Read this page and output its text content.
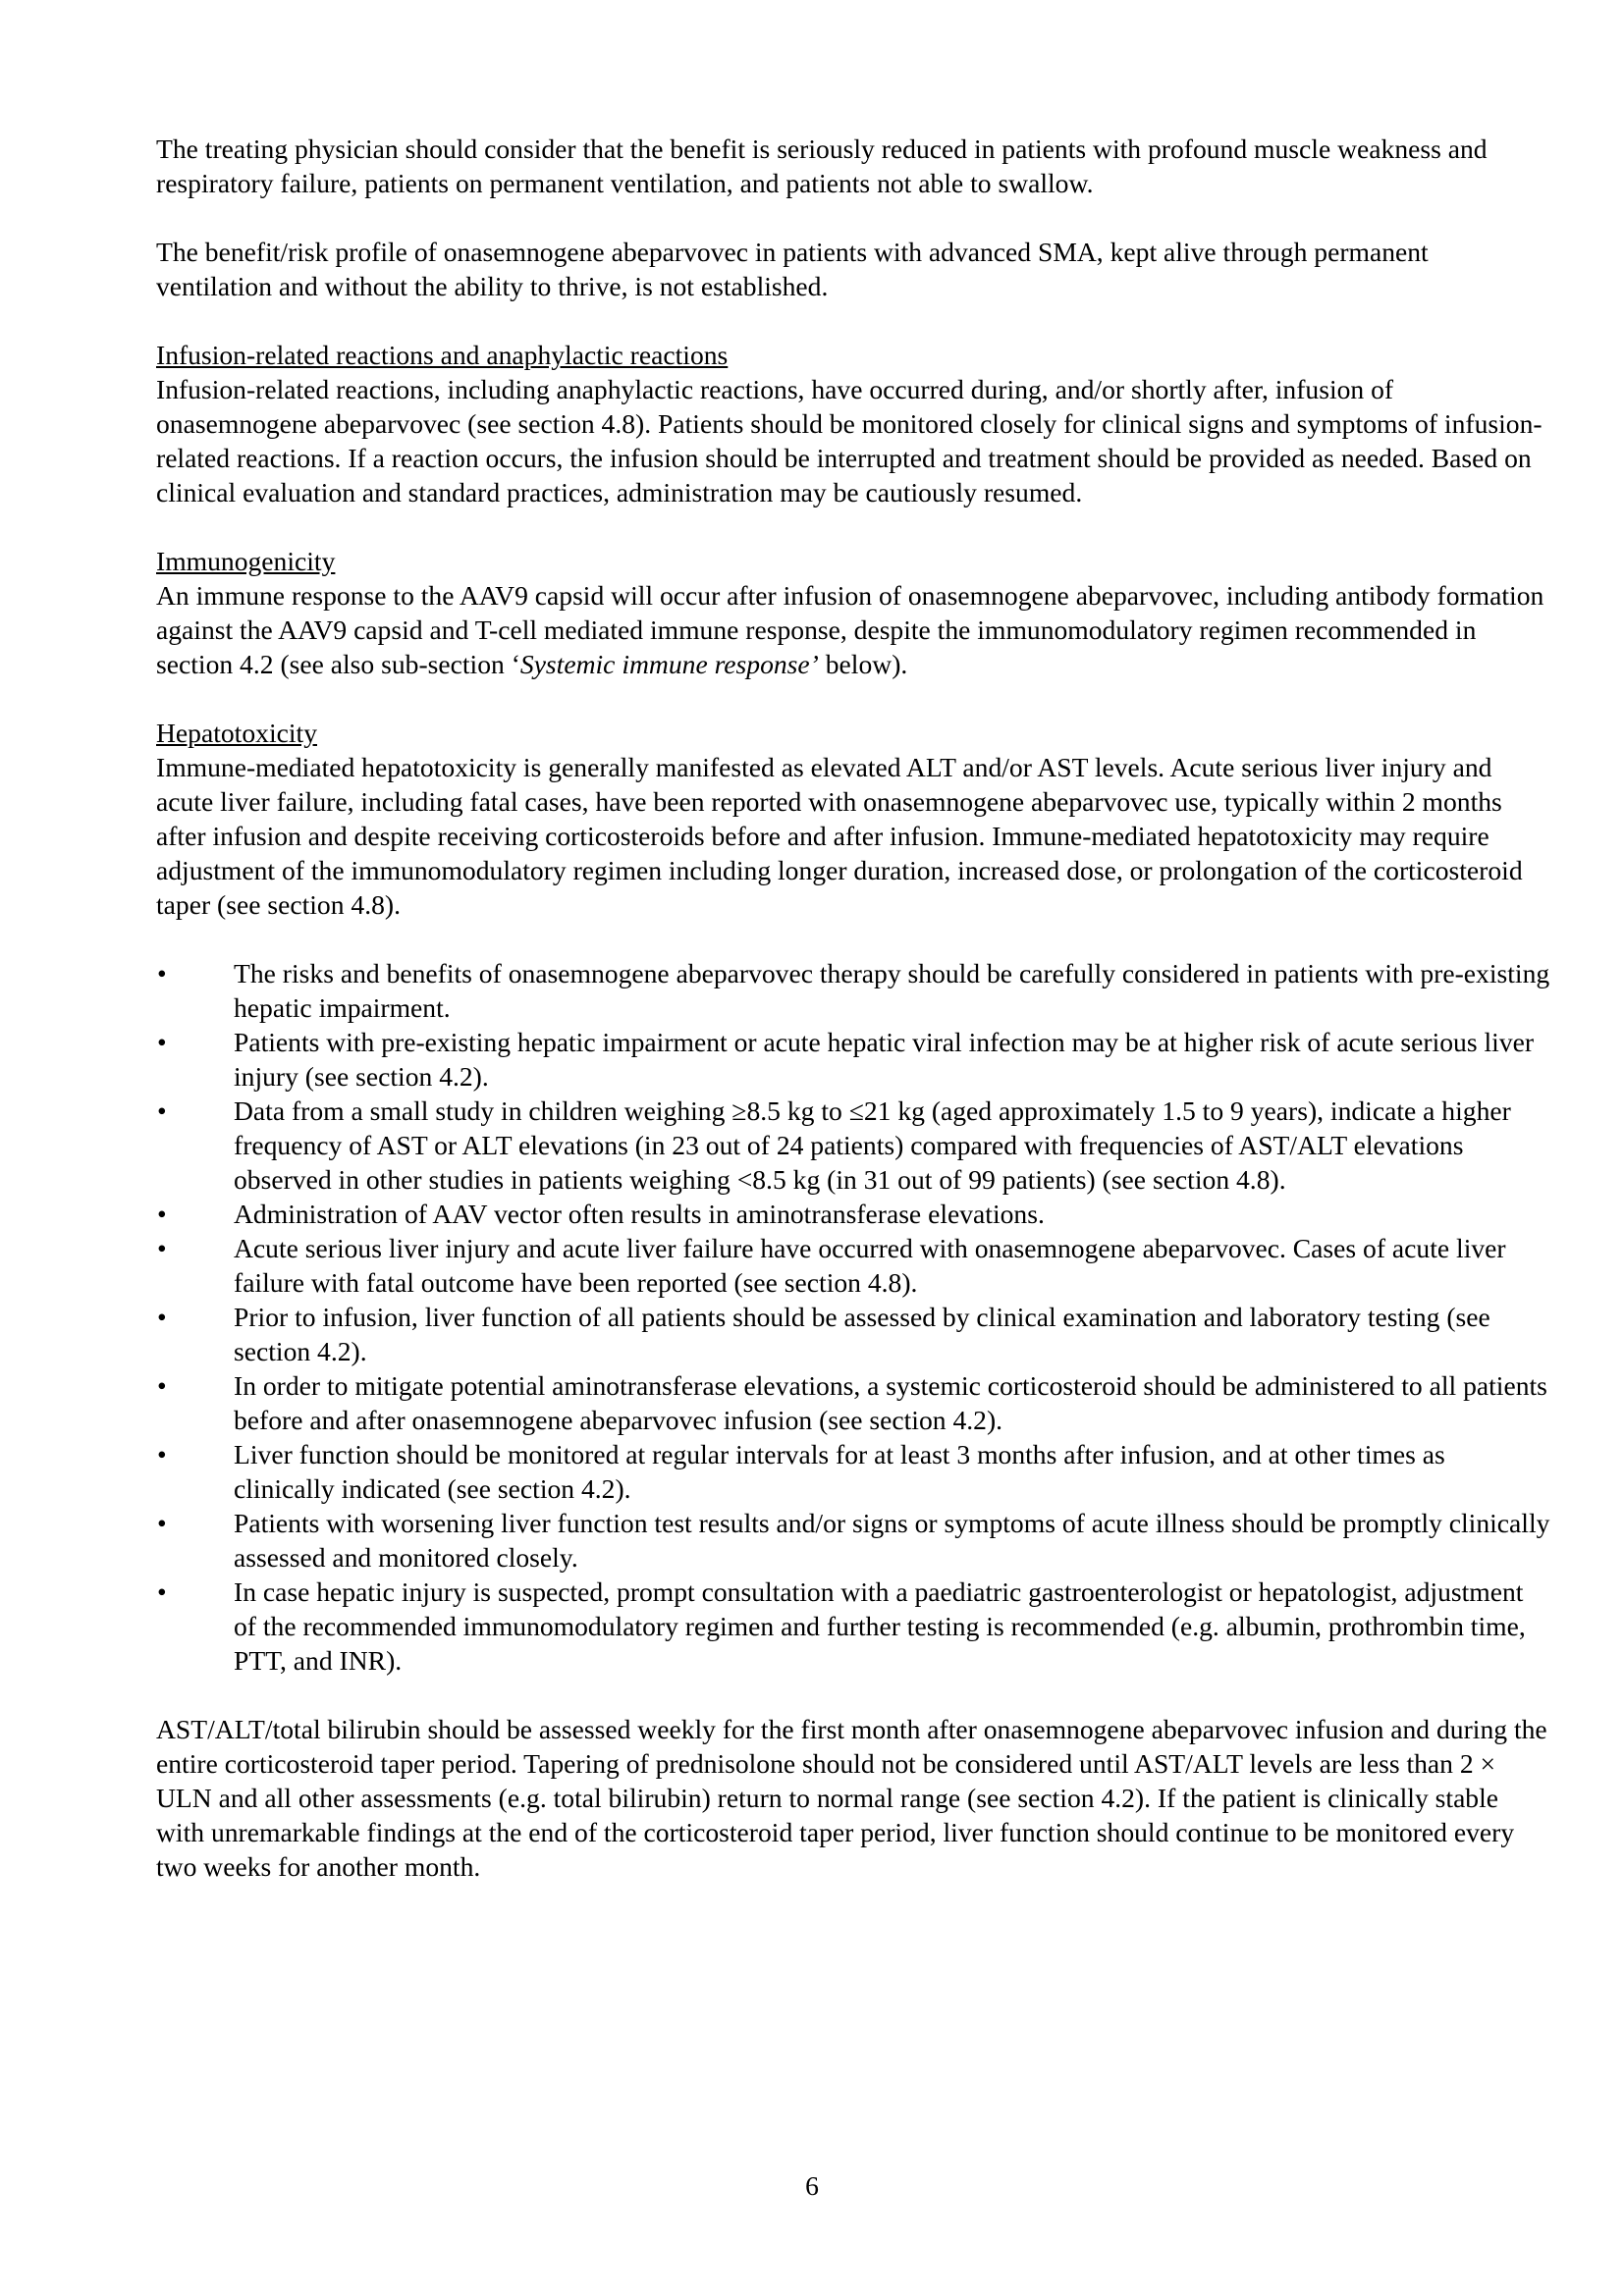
The treating physician should consider that the benefit is seriously reduced in patients with profound muscle weakness and respiratory failure, patients on permanent ventilation, and patients not able to swallow.

The benefit/risk profile of onasemnogene abeparvovec in patients with advanced SMA, kept alive through permanent ventilation and without the ability to thrive, is not established.

Infusion-related reactions and anaphylactic reactions
Infusion-related reactions, including anaphylactic reactions, have occurred during, and/or shortly after, infusion of onasemnogene abeparvovec (see section 4.8). Patients should be monitored closely for clinical signs and symptoms of infusion-related reactions. If a reaction occurs, the infusion should be interrupted and treatment should be provided as needed. Based on clinical evaluation and standard practices, administration may be cautiously resumed.

Immunogenicity
An immune response to the AAV9 capsid will occur after infusion of onasemnogene abeparvovec, including antibody formation against the AAV9 capsid and T-cell mediated immune response, despite the immunomodulatory regimen recommended in section 4.2 (see also sub-section ‘Systemic immune response’ below).

Hepatotoxicity
Immune-mediated hepatotoxicity is generally manifested as elevated ALT and/or AST levels. Acute serious liver injury and acute liver failure, including fatal cases, have been reported with onasemnogene abeparvovec use, typically within 2 months after infusion and despite receiving corticosteroids before and after infusion. Immune-mediated hepatotoxicity may require adjustment of the immunomodulatory regimen including longer duration, increased dose, or prolongation of the corticosteroid taper (see section 4.8).

• The risks and benefits of onasemnogene abeparvovec therapy should be carefully considered in patients with pre-existing hepatic impairment.
• Patients with pre-existing hepatic impairment or acute hepatic viral infection may be at higher risk of acute serious liver injury (see section 4.2).
• Data from a small study in children weighing ≥8.5 kg to ≤21 kg (aged approximately 1.5 to 9 years), indicate a higher frequency of AST or ALT elevations (in 23 out of 24 patients) compared with frequencies of AST/ALT elevations observed in other studies in patients weighing <8.5 kg (in 31 out of 99 patients) (see section 4.8).
• Administration of AAV vector often results in aminotransferase elevations.
• Acute serious liver injury and acute liver failure have occurred with onasemnogene abeparvovec. Cases of acute liver failure with fatal outcome have been reported (see section 4.8).
• Prior to infusion, liver function of all patients should be assessed by clinical examination and laboratory testing (see section 4.2).
• In order to mitigate potential aminotransferase elevations, a systemic corticosteroid should be administered to all patients before and after onasemnogene abeparvovec infusion (see section 4.2).
• Liver function should be monitored at regular intervals for at least 3 months after infusion, and at other times as clinically indicated (see section 4.2).
• Patients with worsening liver function test results and/or signs or symptoms of acute illness should be promptly clinically assessed and monitored closely.
• In case hepatic injury is suspected, prompt consultation with a paediatric gastroenterologist or hepatologist, adjustment of the recommended immunomodulatory regimen and further testing is recommended (e.g. albumin, prothrombin time, PTT, and INR).

AST/ALT/total bilirubin should be assessed weekly for the first month after onasemnogene abeparvovec infusion and during the entire corticosteroid taper period. Tapering of prednisolone should not be considered until AST/ALT levels are less than 2 × ULN and all other assessments (e.g. total bilirubin) return to normal range (see section 4.2). If the patient is clinically stable with unremarkable findings at the end of the corticosteroid taper period, liver function should continue to be monitored every two weeks for another month.

6
